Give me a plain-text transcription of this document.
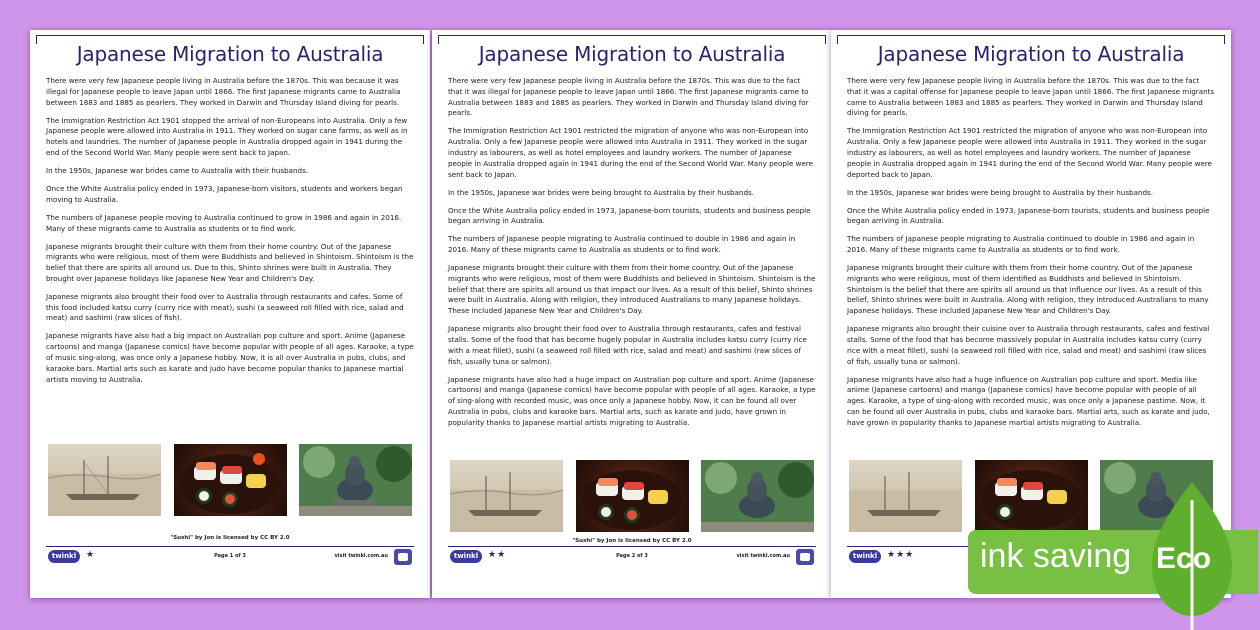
Japanese Migration to Australia

There were very few Japanese people living in Australia before the 1870s. This was because it was illegal for Japanese people to leave Japan until 1866. The first Japanese migrants came to Australia between 1883 and 1885 as pearlers. They worked in Darwin and Thursday Island diving for pearls.

The Immigration Restriction Act 1901 stopped the arrival of non-Europeans into Australia. Only a few Japanese people were allowed into Australia in 1911. They worked on sugar cane farms, as well as in hotels and laundries. The number of Japanese people in Australia dropped again in 1941 during the end of the Second World War. Many people were sent back to Japan.

In the 1950s, Japanese war brides came to Australia with their husbands.

Once the White Australia policy ended in 1973, Japanese-born visitors, students and workers began moving to Australia.

The numbers of Japanese people moving to Australia continued to grow in 1986 and again in 2016. Many of these migrants came to Australia as students or to find work.

Japanese migrants brought their culture with them from their home country. Out of the Japanese migrants who were religious, most of them were Buddhists and believed in Shintoism. Shintoism is the belief that there are spirits all around us. Due to this, Shinto shrines were built in Australia. They brought over Japanese holidays like Japanese New Year and Children's Day.

Japanese migrants also brought their food over to Australia through restaurants and cafes. Some of this food included katsu curry (curry rice with meat), sushi (a seaweed roll filled with rice, salad and meat) and sashimi (raw slices of fish).

Japanese migrants have also had a big impact on Australian pop culture and sport. Anime (Japanese cartoons) and manga (Japanese comics) have become popular with people of all ages. Karaoke, a type of music sing-along, was once only a Japanese hobby. Now, it is all over Australia in pubs, clubs, and karaoke bars. Martial arts such as karate and judo have become popular thanks to Japanese martial artists moving to Australia.

"Sushi" by Jon is licensed by CC BY 2.0
twinkl	★	Page 1 of 3	visit twinkl.com.au
Japanese Migration to Australia

There were very few Japanese people living in Australia before the 1870s. This was due to the fact that it was illegal for Japanese people to leave Japan until 1866. The first Japanese migrants came to Australia between 1883 and 1885 as pearlers. They worked in Darwin and Thursday Island diving for pearls.

The Immigration Restriction Act 1901 restricted the migration of anyone who was non-European into Australia. Only a few Japanese people were allowed into Australia in 1911. They worked in the sugar industry as labourers, as well as hotel employees and laundry workers. The number of Japanese people in Australia dropped again in 1941 during the end of the Second World War. Many people were sent back to Japan.

In the 1950s, Japanese war brides were being brought to Australia by their husbands.

Once the White Australia policy ended in 1973, Japanese-born tourists, students and business people began arriving in Australia.

The numbers of Japanese people migrating to Australia continued to double in 1986 and again in 2016. Many of these migrants came to Australia as students or to find work.

Japanese migrants brought their culture with them from their home country. Out of the Japanese migrants who were religious, most of them were Buddhists and believed in Shintoism. Shintoism is the belief that there are spirits all around us that impact our lives. As a result of this belief, Shinto shrines were built in Australia. Along with religion, they introduced Australians to many Japanese holidays. These included Japanese New Year and Children's Day.

Japanese migrants also brought their food over to Australia through restaurants, cafes and festival stalls. Some of the food that has become hugely popular in Australia includes katsu curry (curry rice with a meat fillet), sushi (a seaweed roll filled with rice, salad and meat) and sashimi (raw slices of fish, usually tuna or salmon).

Japanese migrants have also had a huge impact on Australian pop culture and sport. Anime (Japanese cartoons) and manga (Japanese comics) have become popular with people of all ages. Karaoke, a type of sing-along with recorded music, was once only a Japanese hobby. Now, it can be found all over Australia in pubs, clubs and karaoke bars. Martial arts, such as karate and judo, have grown in popularity thanks to Japanese martial artists migrating to Australia.

"Sushi" by Jon is licensed by CC BY 2.0
twinkl	★★	Page 2 of 3	visit twinkl.com.au
Japanese Migration to Australia

There were very few Japanese people living in Australia before the 1870s. This was due to the fact that it was a capital offense for Japanese people to leave Japan until 1866. The first Japanese migrants came to Australia between 1883 and 1885 as pearlers. They worked in Darwin and Thursday Island diving for pearls.

The Immigration Restriction Act 1901 restricted the migration of anyone who was non-European into Australia. Only a few Japanese people were allowed into Australia in 1911. They worked in the sugar industry as labourers, as well as hotel employees and laundry workers. The number of Japanese people in Australia dropped again in 1941 during the end of the Second World War. Many people were deported back to Japan.

In the 1950s, Japanese war brides were being brought to Australia by their husbands.

Once the White Australia policy ended in 1973, Japanese-born tourists, students and business people began arriving in Australia.

The numbers of Japanese people migrating to Australia continued to double in 1986 and again in 2016. Many of these migrants came to Australia as students or to find work.

Japanese migrants brought their culture with them from their home country. Out of the Japanese migrants who were religious, most of them identified as Buddhists and believed in Shintoism. Shintoism is the belief that there are spirits all around us that influence our lives. As a result of this belief, Shinto shrines were built in Australia. Along with religion, they introduced Australians to many Japanese holidays. These included Japanese New Year and Children's Day.

Japanese migrants also brought their cuisine over to Australia through restaurants, cafes and festival stalls. Some of the food that has become massively popular in Australia includes katsu curry (curry rice with a meat fillet), sushi (a seaweed roll filled with rice, salad and meat) and sashimi (raw slices of fish, usually tuna or salmon).

Japanese migrants have also had a huge influence on Australian pop culture and sport. Media like anime (Japanese cartoons) and manga (Japanese comics) have become popular with people of all ages. Karaoke, a type of sing-along with recorded music, was once only a Japanese pastime. Now, it can be found all over Australia in pubs, clubs and karaoke bars. Martial arts, such as karate and judo, have grown in popularity thanks to Japanese martial artists migrating to Australia.

twinkl	★★★ ink saving Eco
